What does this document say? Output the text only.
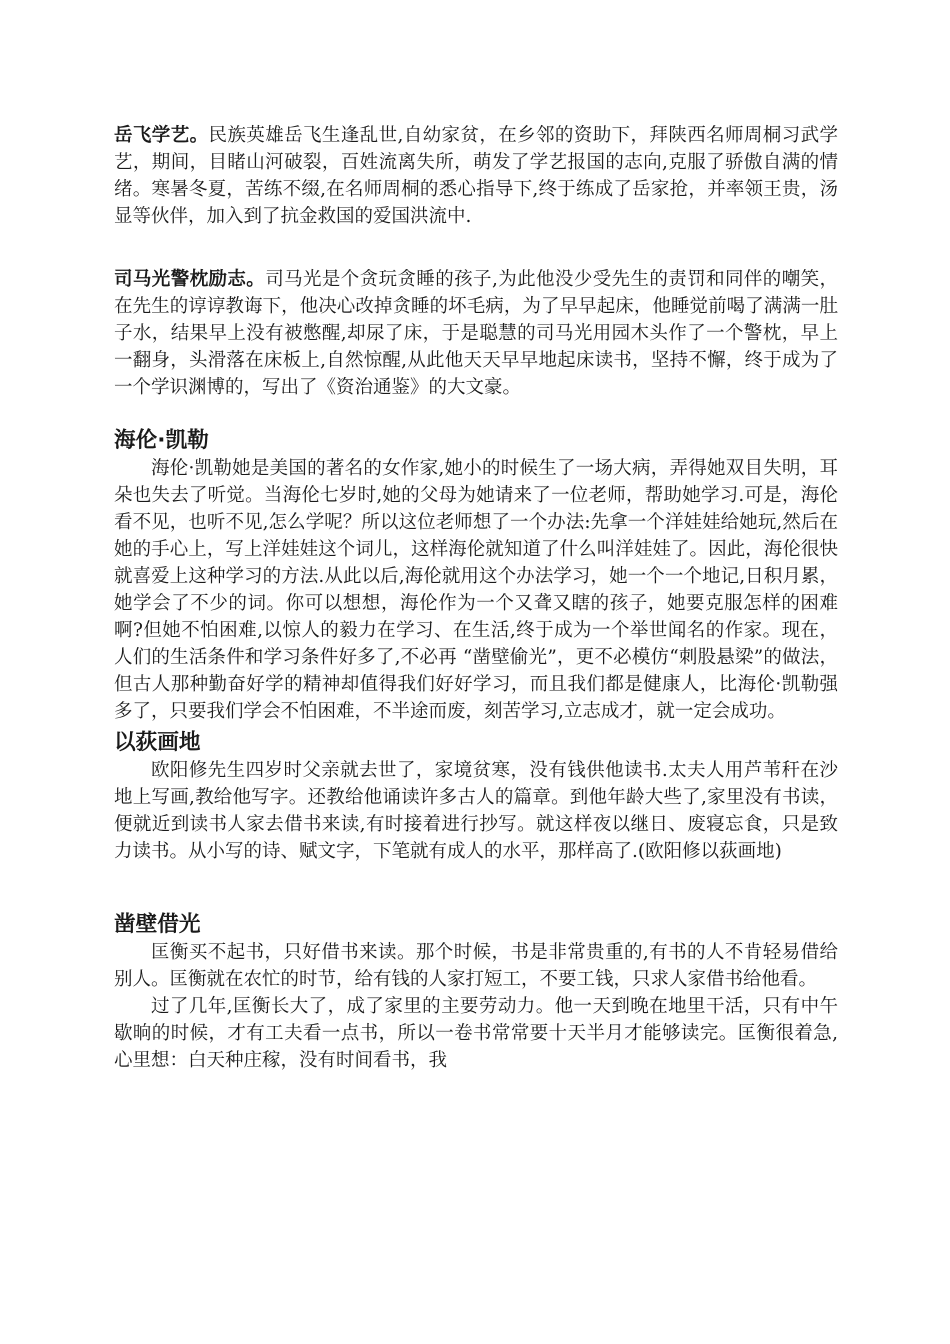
岳飞学艺。民族英雄岳飞生逢乱世,自幼家贫，在乡邻的资助下，拜陕西名师周桐习武学艺，期间，目睹山河破裂，百姓流离失所，萌发了学艺报国的志向,克服了骄傲自满的情绪。寒暑冬夏，苦练不缀,在名师周桐的悉心指导下,终于练成了岳家抢，并率领王贵，汤显等伙伴，加入到了抗金救国的爱国洪流中.

司马光警枕励志。司马光是个贪玩贪睡的孩子,为此他没少受先生的责罚和同伴的嘲笑，在先生的谆谆教诲下，他决心改掉贪睡的坏毛病，为了早早起床，他睡觉前喝了满满一肚子水，结果早上没有被憋醒,却尿了床，于是聪慧的司马光用园木头作了一个警枕，早上一翻身，头滑落在床板上,自然惊醒,从此他天天早早地起床读书，坚持不懈，终于成为了一个学识渊博的，写出了《资治通鉴》的大文豪。

海伦·凯勒

海伦·凯勒她是美国的著名的女作家,她小的时候生了一场大病，弄得她双目失明，耳朵也失去了听觉。当海伦七岁时,她的父母为她请来了一位老师，帮助她学习.可是，海伦看不见，也听不见,怎么学呢？所以这位老师想了一个办法:先拿一个洋娃娃给她玩,然后在她的手心上，写上洋娃娃这个词儿，这样海伦就知道了什么叫洋娃娃了。因此，海伦很快就喜爱上这种学习的方法.从此以后,海伦就用这个办法学习，她一个一个地记,日积月累，她学会了不少的词。你可以想想，海伦作为一个又聋又瞎的孩子，她要克服怎样的困难啊?但她不怕困难,以惊人的毅力在学习、在生活,终于成为一个举世闻名的作家。现在，人们的生活条件和学习条件好多了,不必再 “凿壁偷光”，更不必模仿“刺股悬梁”的做法，但古人那种勤奋好学的精神却值得我们好好学习，而且我们都是健康人，比海伦·凯勒强多了，只要我们学会不怕困难，不半途而废，刻苦学习,立志成才，就一定会成功。

以荻画地

欧阳修先生四岁时父亲就去世了，家境贫寒，没有钱供他读书.太夫人用芦苇秆在沙地上写画,教给他写字。还教给他诵读许多古人的篇章。到他年龄大些了,家里没有书读，便就近到读书人家去借书来读,有时接着进行抄写。就这样夜以继日、废寝忘食，只是致力读书。从小写的诗、赋文字，下笔就有成人的水平，那样高了.(欧阳修以荻画地)

凿壁借光

匡衡买不起书，只好借书来读。那个时候，书是非常贵重的,有书的人不肯轻易借给别人。匡衡就在农忙的时节，给有钱的人家打短工，不要工钱，只求人家借书给他看。

过了几年,匡衡长大了，成了家里的主要劳动力。他一天到晚在地里干活，只有中午歇晌的时候，才有工夫看一点书，所以一卷书常常要十天半月才能够读完。匡衡很着急,心里想：白天种庄稼，没有时间看书，我
